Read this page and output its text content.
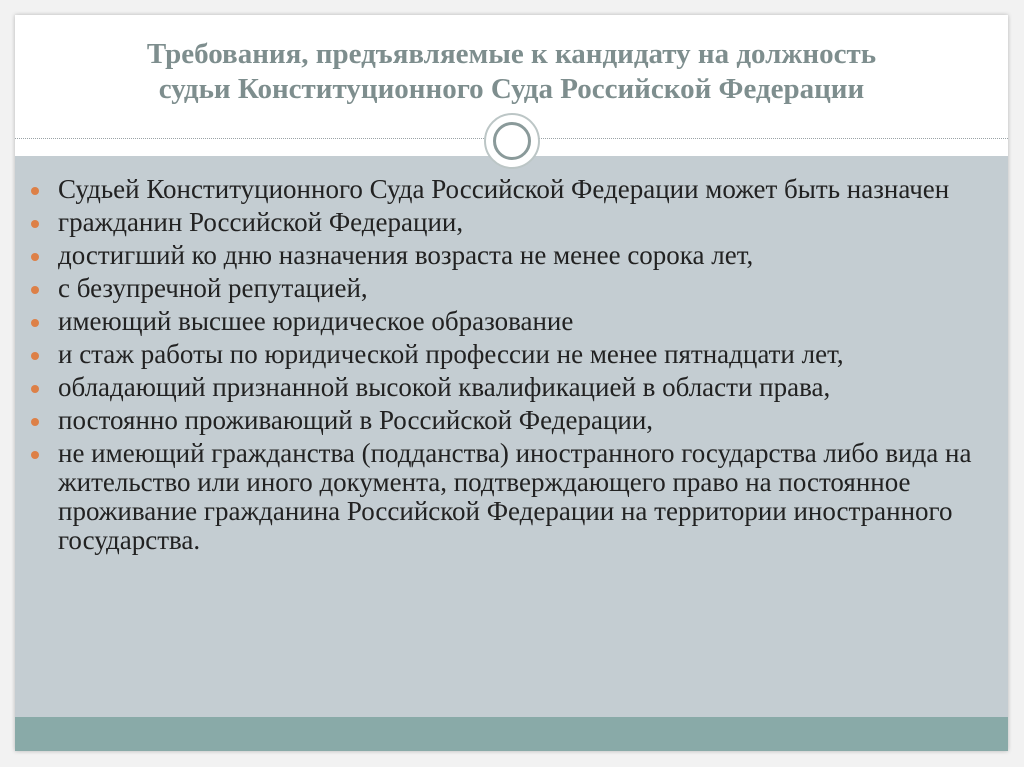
Требования, предъявляемые к кандидату на должность
судьи Конституционного Суда Российской Федерации
Судьей Конституционного Суда Российской Федерации может быть назначен
гражданин Российской Федерации,
достигший ко дню назначения возраста не менее сорока лет,
с безупречной репутацией,
имеющий высшее юридическое образование
и стаж работы по юридической профессии не менее пятнадцати лет,
обладающий признанной высокой квалификацией в области права,
постоянно проживающий в Российской Федерации,
не имеющий гражданства (подданства) иностранного государства либо вида на жительство или иного документа, подтверждающего право на постоянное проживание гражданина Российской Федерации на территории иностранного государства.
